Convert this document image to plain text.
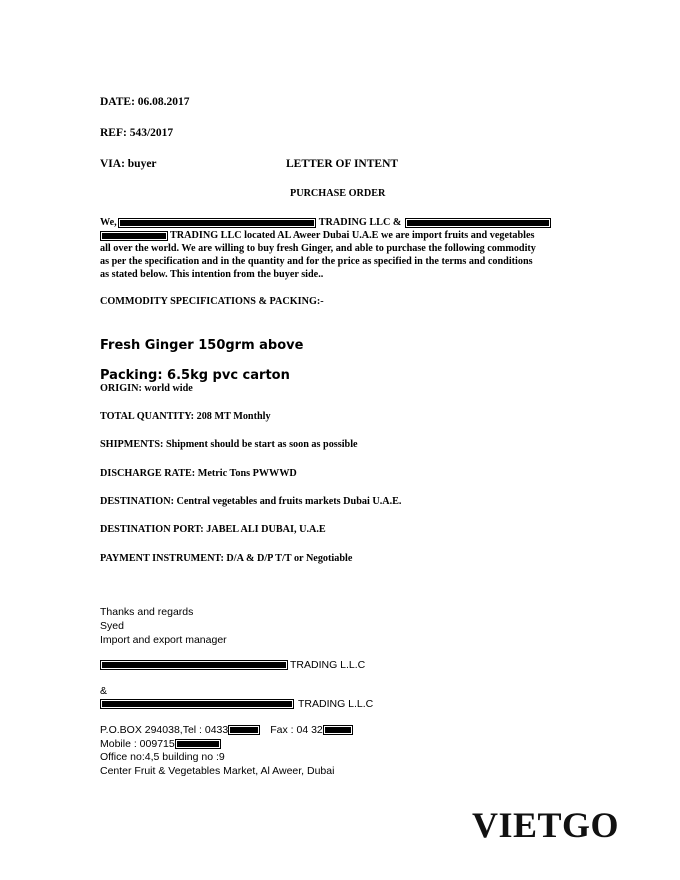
DATE: 06.08.2017
REF: 543/2017
VIA: buyer	LETTER OF INTENT
PURCHASE ORDER

We,	TRADING LLC &

TRADING LLC located AL Aweer Dubai U.A.E we are import fruits and vegetables

all over the world. We are willing to buy fresh Ginger, and able to purchase the following commodity

as per the specification and in the quantity and for the price as specified in the terms and conditions

as stated below. This intention from the buyer side..

COMMODITY SPECIFICATIONS & PACKING:-
Fresh Ginger 150grm above
Packing: 6.5kg pvc carton
ORIGIN: world wide
TOTAL QUANTITY: 208 MT Monthly
SHIPMENTS: Shipment should be start as soon as possible
DISCHARGE RATE: Metric Tons PWWWD
DESTINATION: Central vegetables and fruits markets Dubai U.A.E.
DESTINATION PORT: JABEL ALI DUBAI, U.A.E
PAYMENT INSTRUMENT: D/A & D/P T/T or Negotiable
Thanks and regards
Syed
Import and export manager
TRADING L.L.C
&
TRADING L.L.C
P.O.BOX 294038,Tel : 0433	Fax : 04 32
Mobile : 009715
Office no:4,5 building no :9
Center Fruit & Vegetables Market, Al Aweer, Dubai
VIETGO
